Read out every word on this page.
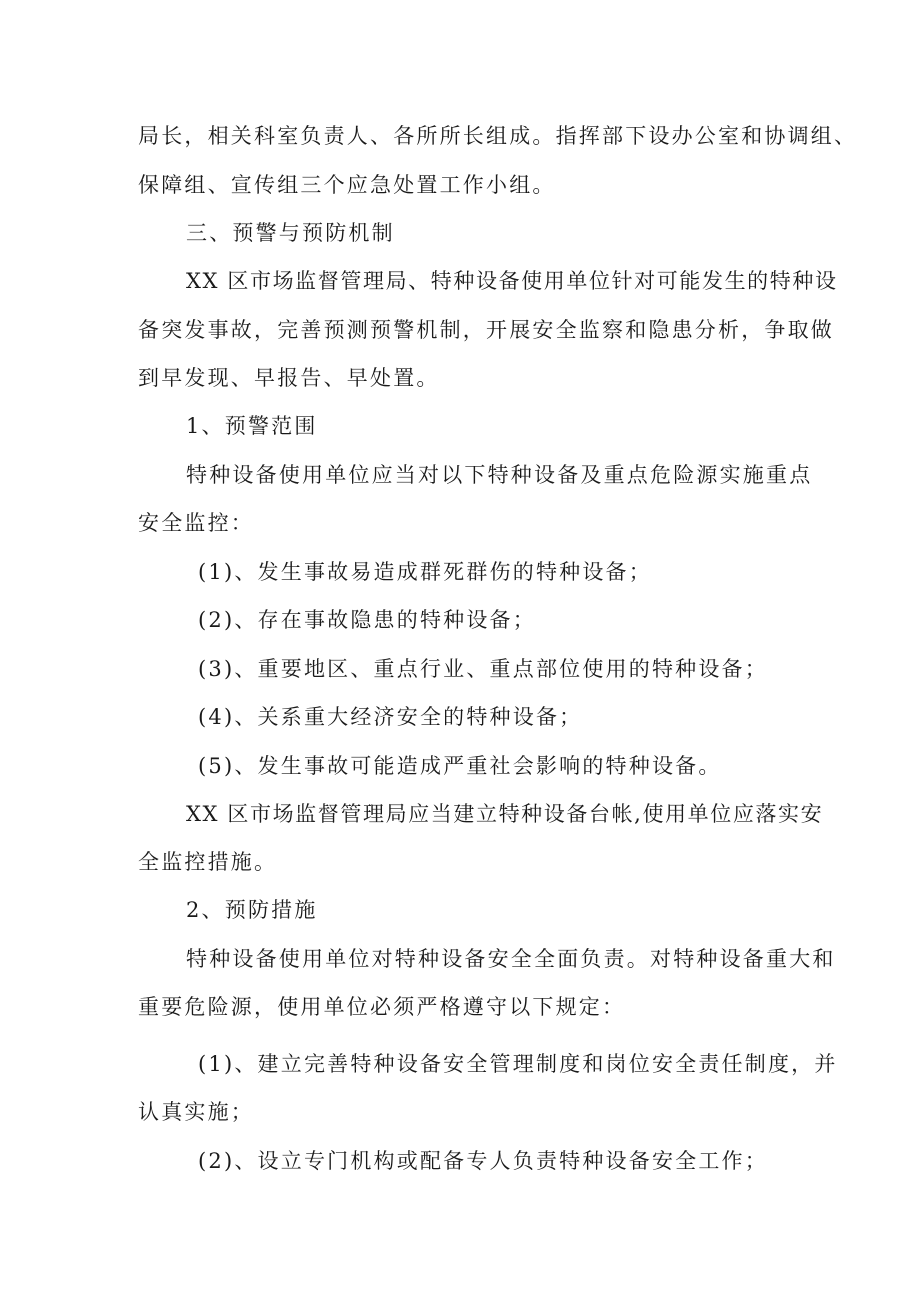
局长，相关科室负责人、各所所长组成。指挥部下设办公室和协调组、
保障组、宣传组三个应急处置工作小组。
三、预警与预防机制
XX 区市场监督管理局、特种设备使用单位针对可能发生的特种设
备突发事故，完善预测预警机制，开展安全监察和隐患分析，争取做
到早发现、早报告、早处置。
1、预警范围
特种设备使用单位应当对以下特种设备及重点危险源实施重点
安全监控：
(1)、发生事故易造成群死群伤的特种设备；
(2)、存在事故隐患的特种设备；
(3)、重要地区、重点行业、重点部位使用的特种设备；
(4)、关系重大经济安全的特种设备；
(5)、发生事故可能造成严重社会影响的特种设备。
XX 区市场监督管理局应当建立特种设备台帐,使用单位应落实安
全监控措施。
2、预防措施
特种设备使用单位对特种设备安全全面负责。对特种设备重大和
重要危险源，使用单位必须严格遵守以下规定：
(1)、建立完善特种设备安全管理制度和岗位安全责任制度，并
认真实施；
(2)、设立专门机构或配备专人负责特种设备安全工作；
